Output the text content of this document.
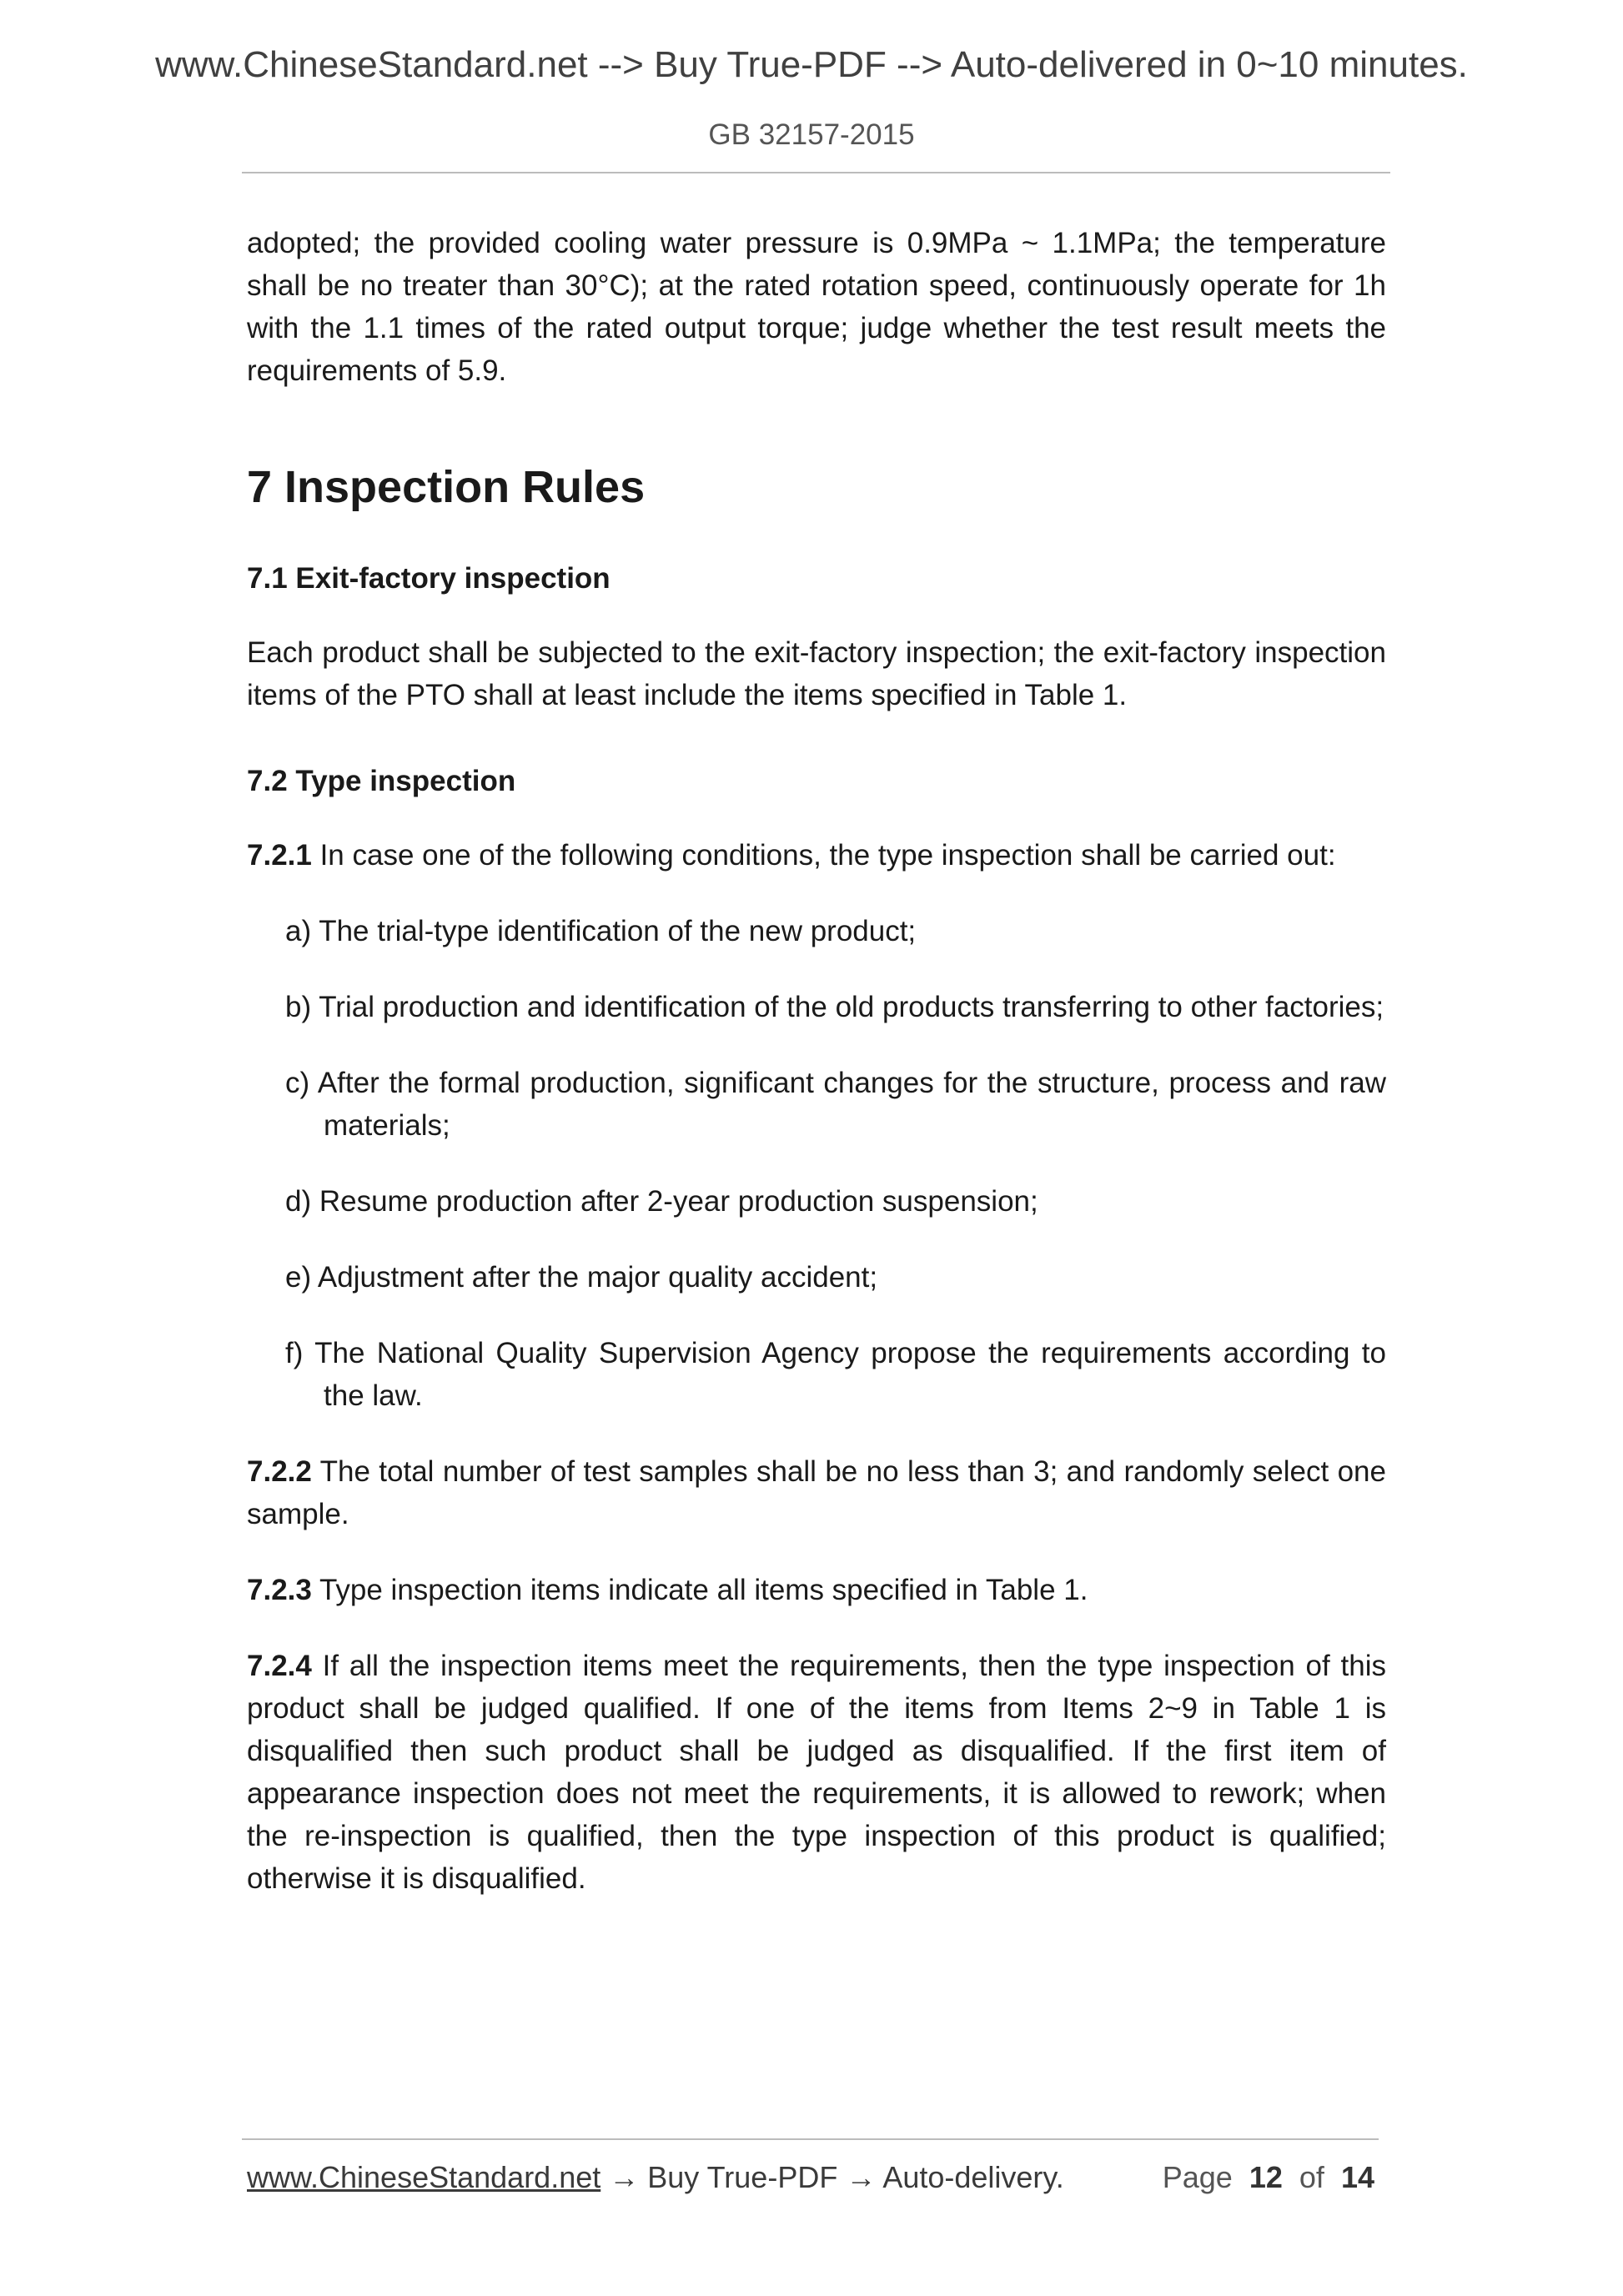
www.ChineseStandard.net --> Buy True-PDF --> Auto-delivered in 0~10 minutes.
GB 32157-2015

adopted; the provided cooling water pressure is 0.9MPa ~ 1.1MPa; the temperature shall be no treater than 30°C); at the rated rotation speed, continuously operate for 1h with the 1.1 times of the rated output torque; judge whether the test result meets the requirements of 5.9.

7 Inspection Rules
7.1 Exit-factory inspection

Each product shall be subjected to the exit-factory inspection; the exit-factory inspection items of the PTO shall at least include the items specified in Table 1.

7.2 Type inspection

7.2.1 In case one of the following conditions, the type inspection shall be carried out:

a) The trial-type identification of the new product;

b) Trial production and identification of the old products transferring to other factories;

c) After the formal production, significant changes for the structure, process and raw materials;

d) Resume production after 2-year production suspension;

e) Adjustment after the major quality accident;

f) The National Quality Supervision Agency propose the requirements according to the law.

7.2.2 The total number of test samples shall be no less than 3; and randomly select one sample.

7.2.3 Type inspection items indicate all items specified in Table 1.

7.2.4 If all the inspection items meet the requirements, then the type inspection of this product shall be judged qualified. If one of the items from Items 2~9 in Table 1 is disqualified then such product shall be judged as disqualified. If the first item of appearance inspection does not meet the requirements, it is allowed to rework; when the re-inspection is qualified, then the type inspection of this product is qualified; otherwise it is disqualified.

www.ChineseStandard.net → Buy True-PDF → Auto-delivery.	Page 12 of 14
